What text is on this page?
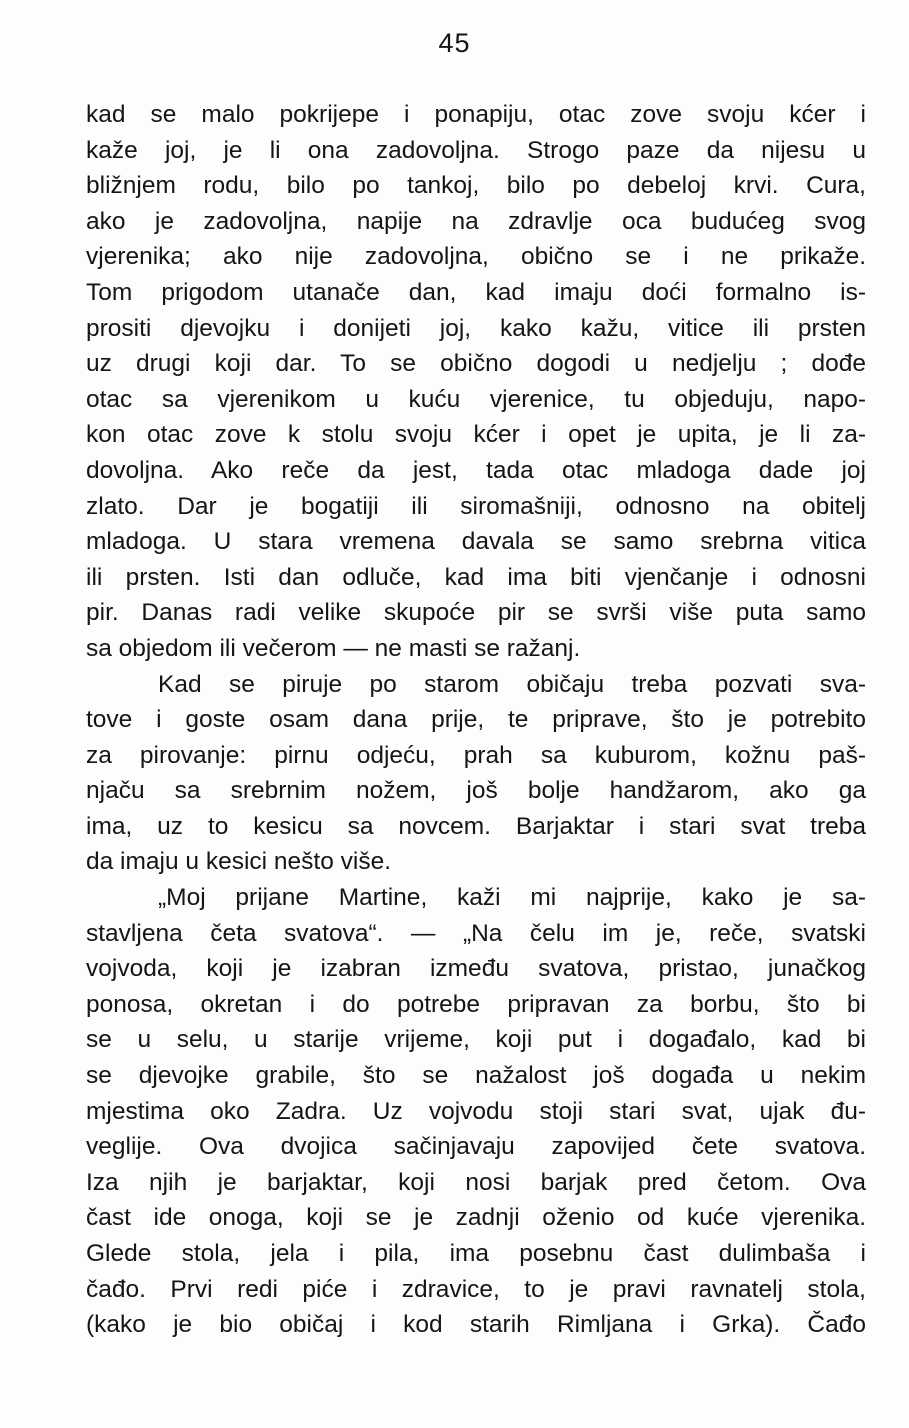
45
kad se malo pokrijepe i ponapiju, otac zove svoju kćer i
kaže joj, je li ona zadovoljna. Strogo paze da nijesu u
bližnjem rodu, bilo po tankoj, bilo po debeloj krvi. Cura,
ako je zadovoljna, napije na zdravlje oca budućeg svog
vjerenika; ako nije zadovoljna, obično se i ne prikaže.
Tom prigodom utanače dan, kad imaju doći formalno is-
prositi djevojku i donijeti joj, kako kažu, vitice ili prsten
uz drugi koji dar. To se obično dogodi u nedjelju ; dođe
otac sa vjerenikom u kuću vjerenice, tu objeduju, napo-
kon otac zove k stolu svoju kćer i opet je upita, je li za-
dovoljna. Ako reče da jest, tada otac mladoga dade joj
zlato. Dar je bogatiji ili siromašniji, odnosno na obitelj
mladoga. U stara vremena davala se samo srebrna vitica
ili prsten. Isti dan odluče, kad ima biti vjenčanje i odnosni
pir. Danas radi velike skupoće pir se svrši više puta samo
sa objedom ili večerom — ne masti se ražanj.
Kad se piruje po starom običaju treba pozvati sva-
tove i goste osam dana prije, te priprave, što je potrebito
za pirovanje: pirnu odjeću, prah sa kuburom, kožnu paš-
njaču sa srebrnim nožem, još bolje handžarom, ako ga
ima, uz to kesicu sa novcem. Barjaktar i stari svat treba
da imaju u kesici nešto više.
„Moj prijane Martine, kaži mi najprije, kako je sa-
stavljena četa svatova“. — „Na čelu im je, reče, svatski
vojvoda, koji je izabran između svatova, pristao, junačkog
ponosa, okretan i do potrebe pripravan za borbu, što bi
se u selu, u starije vrijeme, koji put i događalo, kad bi
se djevojke grabile, što se nažalost još događa u nekim
mjestima oko Zadra. Uz vojvodu stoji stari svat, ujak đu-
veglije. Ova dvojica sačinjavaju zapovijed čete svatova.
Iza njih je barjaktar, koji nosi barjak pred četom. Ova
čast ide onoga, koji se je zadnji oženio od kuće vjerenika.
Glede stola, jela i pila, ima posebnu čast dulimbaša i
čađo. Prvi redi piće i zdravice, to je pravi ravnatelj stola,
(kako je bio običaj i kod starih Rimljana i Grka). Čađo
